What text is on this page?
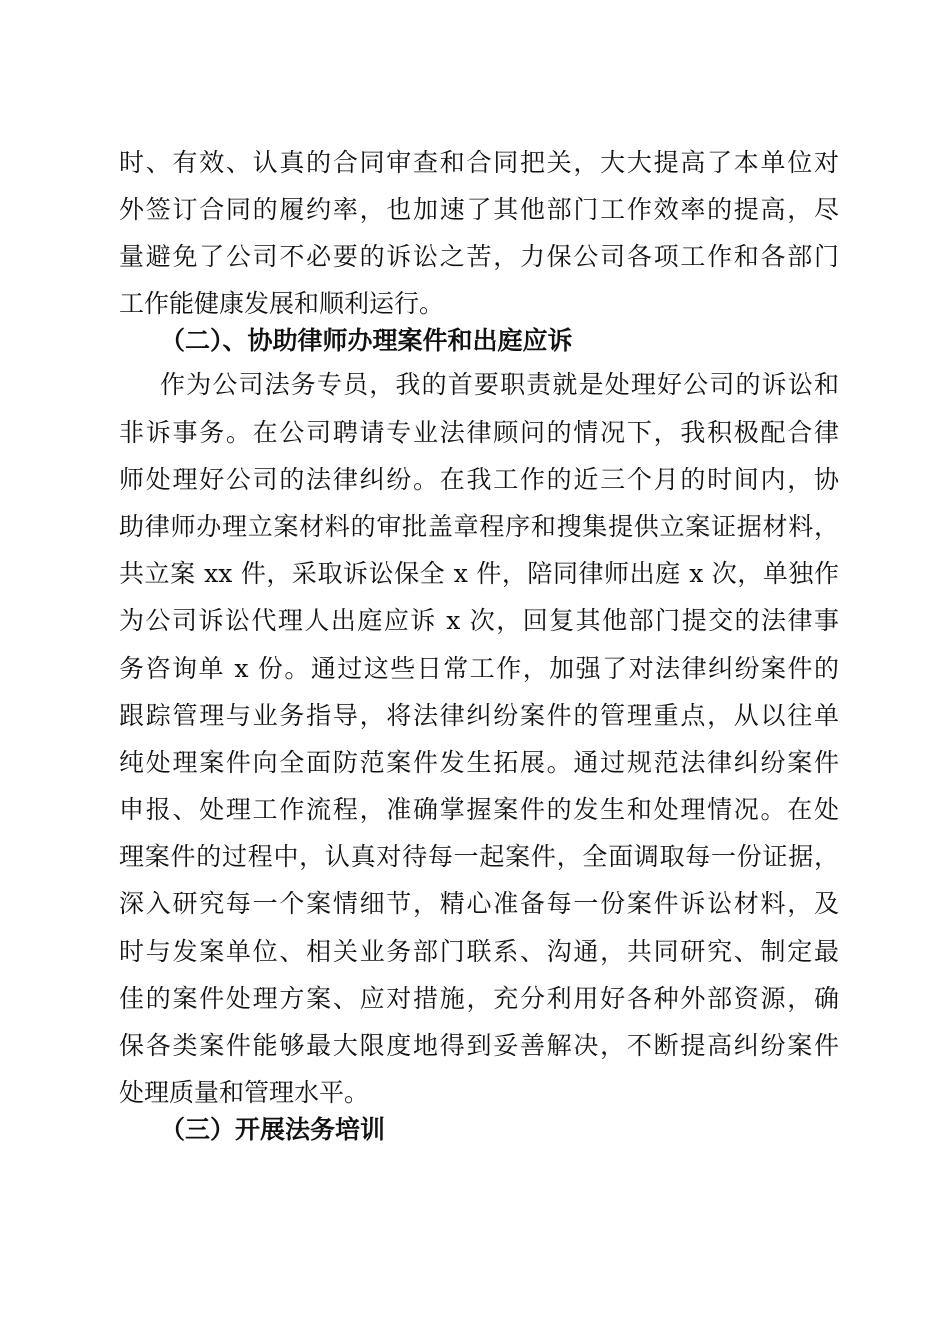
时、有效、认真的合同审查和合同把关，大大提高了本单位对
外签订合同的履约率，也加速了其他部门工作效率的提高，尽
量避免了公司不必要的诉讼之苦，力保公司各项工作和各部门
工作能健康发展和顺利运行。
（二）、协助律师办理案件和出庭应诉
作为公司法务专员，我的首要职责就是处理好公司的诉讼和
非诉事务。在公司聘请专业法律顾问的情况下，我积极配合律
师处理好公司的法律纠纷。在我工作的近三个月的时间内，协
助律师办理立案材料的审批盖章程序和搜集提供立案证据材料，
共立案 xx 件，采取诉讼保全 x 件，陪同律师出庭 x 次，单独作
为公司诉讼代理人出庭应诉 x 次，回复其他部门提交的法律事
务咨询单 x 份。通过这些日常工作，加强了对法律纠纷案件的
跟踪管理与业务指导，将法律纠纷案件的管理重点，从以往单
纯处理案件向全面防范案件发生拓展。通过规范法律纠纷案件
申报、处理工作流程，准确掌握案件的发生和处理情况。在处
理案件的过程中，认真对待每一起案件，全面调取每一份证据，
深入研究每一个案情细节，精心准备每一份案件诉讼材料，及
时与发案单位、相关业务部门联系、沟通，共同研究、制定最
佳的案件处理方案、应对措施，充分利用好各种外部资源，确
保各类案件能够最大限度地得到妥善解决，不断提高纠纷案件
处理质量和管理水平。
（三）开展法务培训
